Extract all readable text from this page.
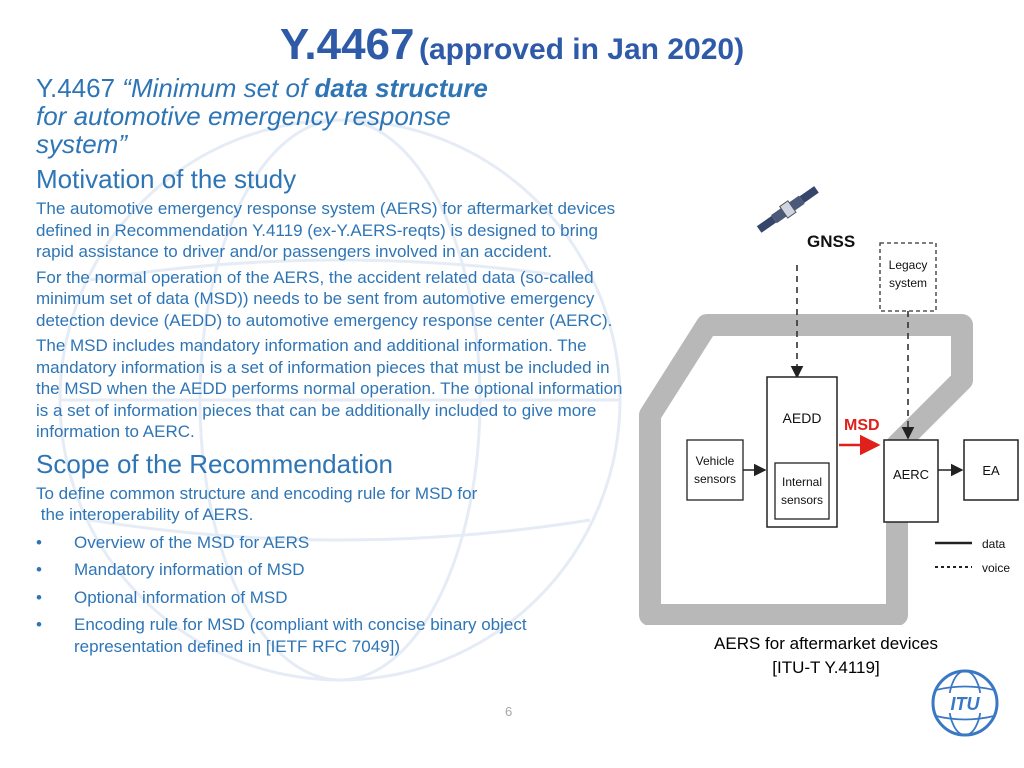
Y.4467 (approved in Jan 2020)
Y.4467 “Minimum set of data structure
for automotive emergency response
system”
Motivation of the study
The automotive emergency response system (AERS) for aftermarket devices defined in Recommendation Y.4119 (ex-Y.AERS-reqts) is designed to bring rapid assistance to driver and/or passengers involved in an accident.
For the normal operation of the AERS, the accident related data (so-called minimum set of data (MSD)) needs to be sent from automotive emergency detection device (AEDD) to automotive emergency response center (AERC).
The MSD includes mandatory information and additional information. The mandatory information is a set of information pieces that must be included in the MSD when the AEDD performs normal operation. The optional information is a set of information pieces that can be additionally included to give more information to AERC.
Scope of the Recommendation
To define common structure and encoding rule for MSD for
the interoperability of AERS.
• Overview of the MSD for AERS
• Mandatory information of MSD
• Optional information of MSD
• Encoding rule for MSD (compliant with concise binary object representation defined in [IETF RFC 7049])
GNSS
Legacy
system
AEDD
Internal
sensors
Vehicle
sensors
MSD
AERC	EA
data
voice
AERS for aftermarket devices
[ITU-T Y.4119]
6	ITU
